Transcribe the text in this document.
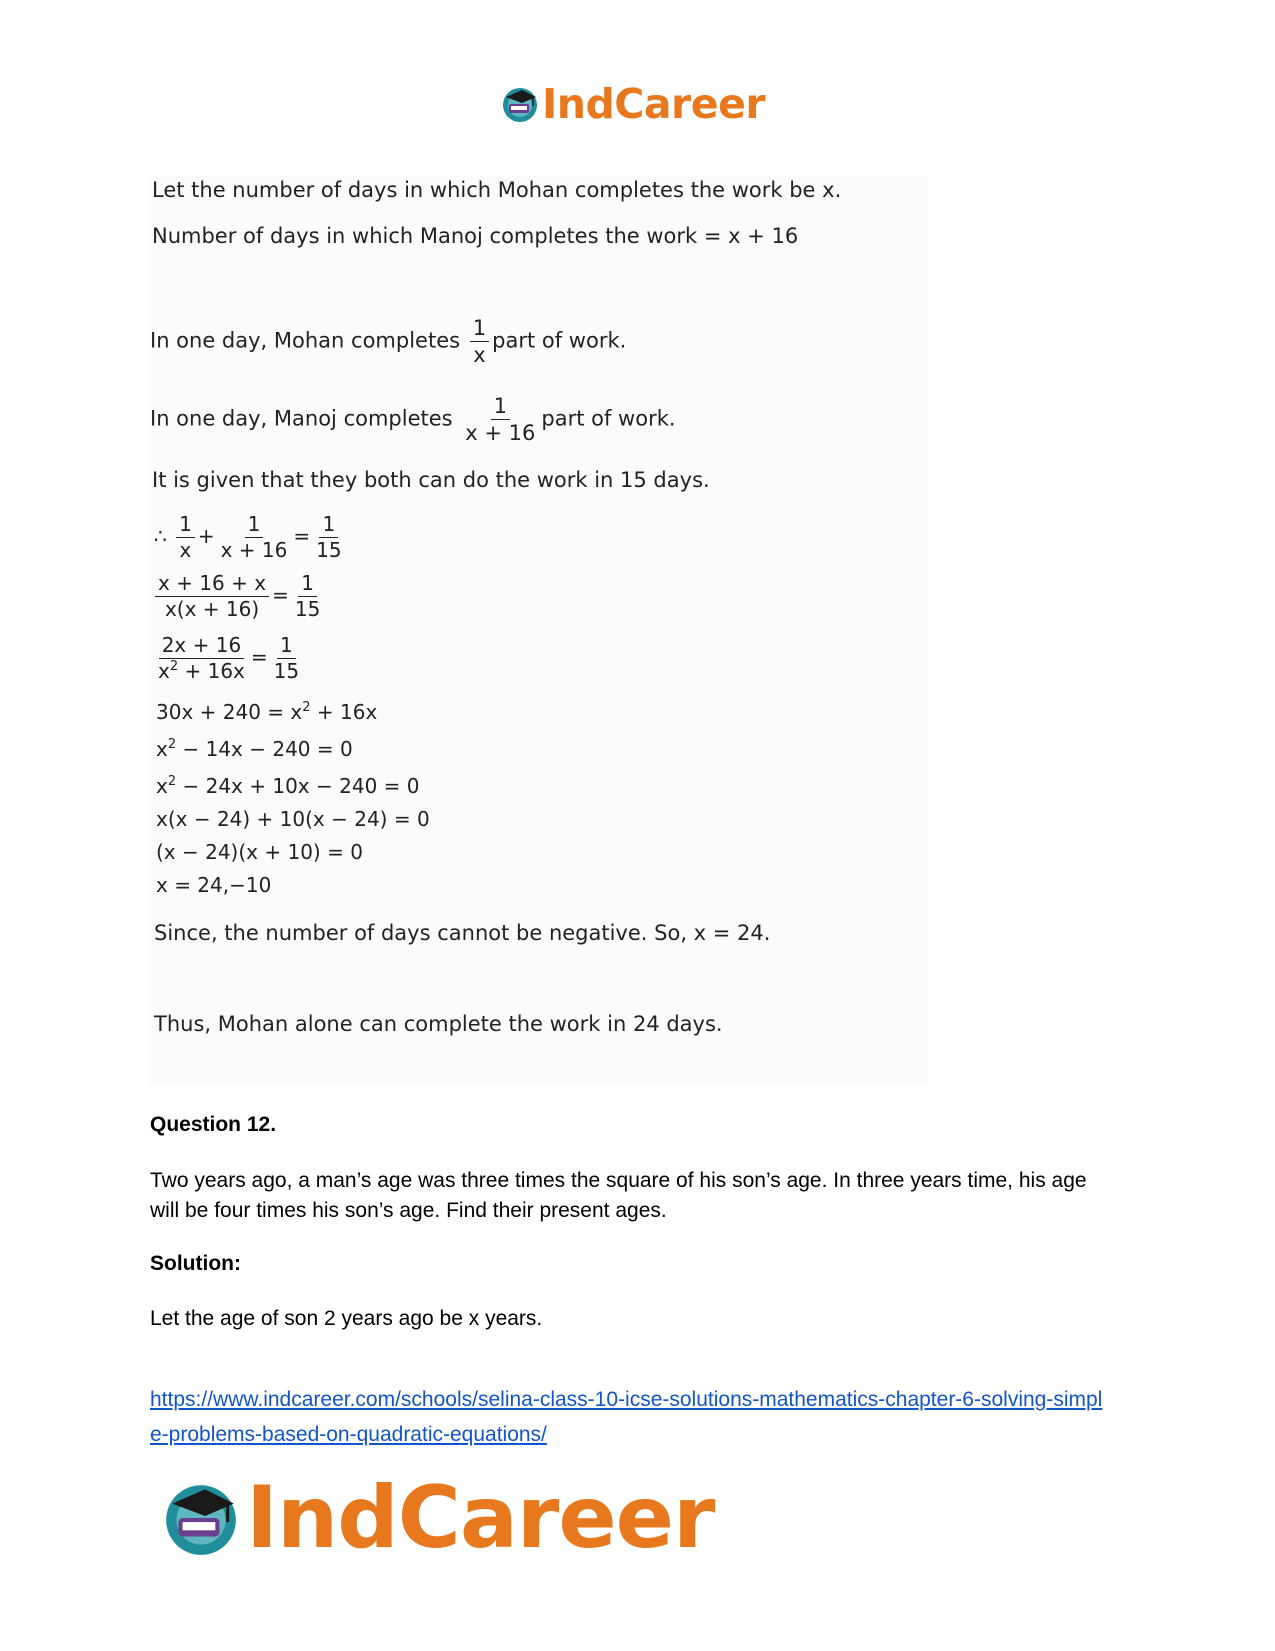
IndCareer
Let the number of days in which Mohan completes the work be x.
Number of days in which Manoj completes the work = x + 16
In one day, Mohan completes $\frac{1}{x}$ part of work.
In one day, Manoj completes $\frac{1}{x + 16}$ part of work.
It is given that they both can do the work in 15 days.
∴ $\frac{1}{x} + \frac{1}{x + 16} = \frac{1}{15}$
$\frac{x + 16 + x}{x(x + 16)} = \frac{1}{15}$
$\frac{2x + 16}{x^2 + 16x} = \frac{1}{15}$
$30x + 240 = x^2 + 16x$
$x^2 - 14x - 240 = 0$
$x^2 - 24x + 10x - 240 = 0$
x(x − 24) + 10(x − 24) = 0
(x − 24)(x + 10) = 0
x = 24,−10
Since, the number of days cannot be negative. So, x = 24.
Thus, Mohan alone can complete the work in 24 days.
Question 12.
Two years ago, a man’s age was three times the square of his son’s age. In three years time, his age will be four times his son’s age. Find their present ages.
Solution:
Let the age of son 2 years ago be x years.
https://www.indcareer.com/schools/selina-class-10-icse-solutions-mathematics-chapter-6-solving-simple-problems-based-on-quadratic-equations/
IndCareer
